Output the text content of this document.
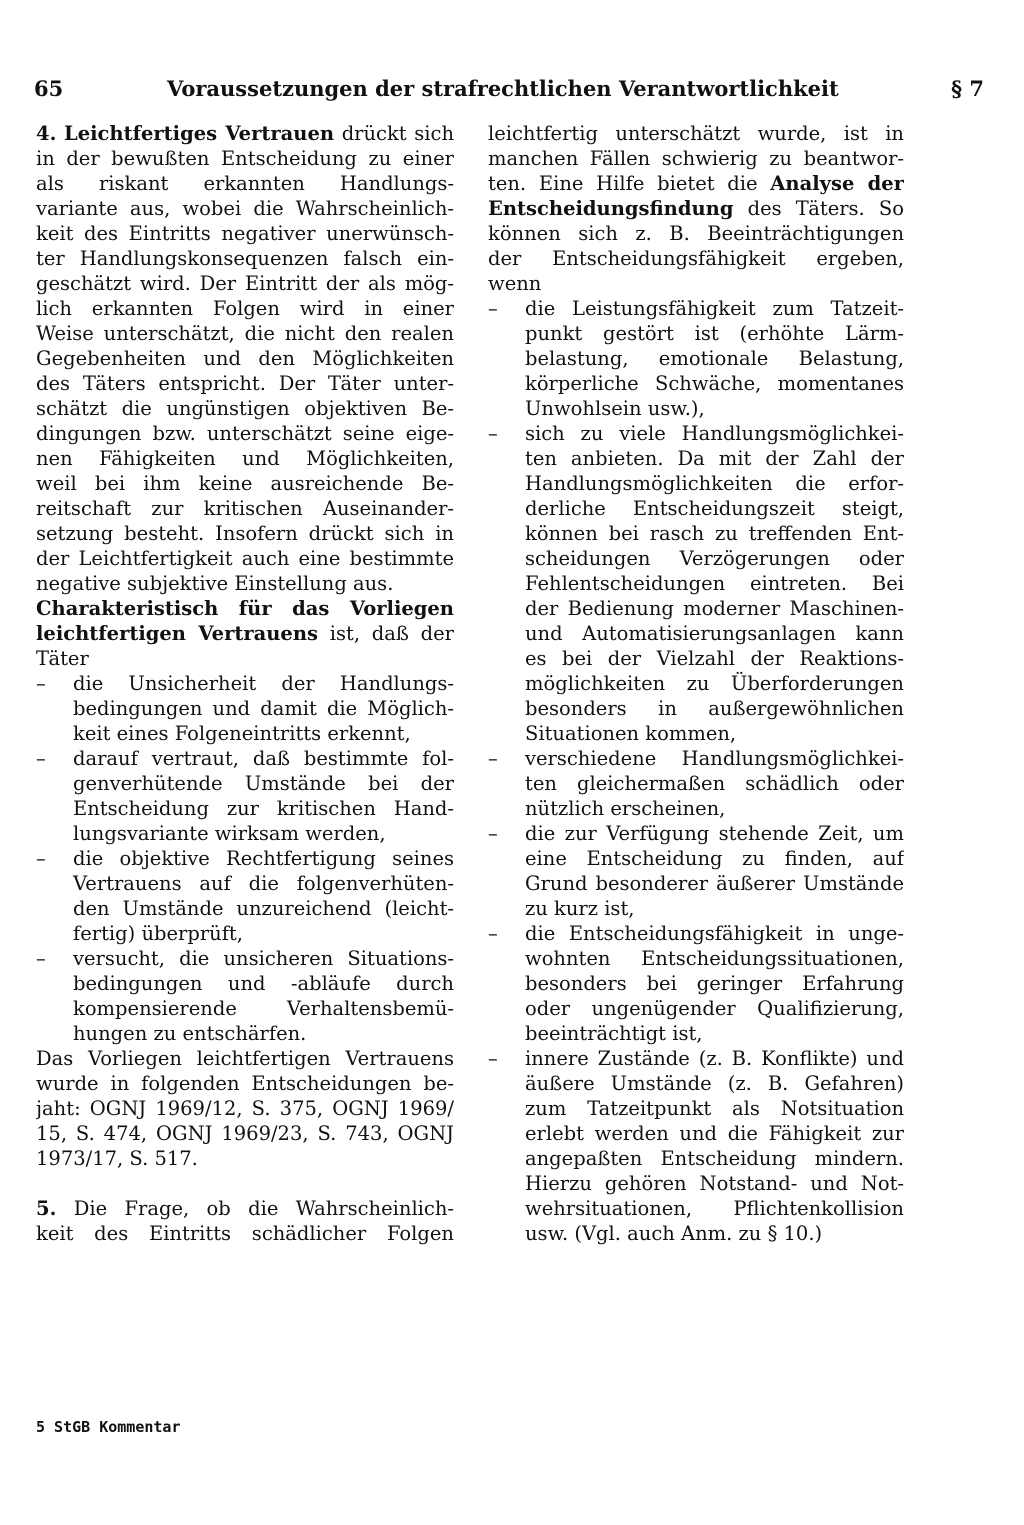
65	Voraussetzungen der strafrechtlichen Verantwortlichkeit	§ 7
4. Leichtfertiges Vertrauen drückt sich
in der bewußten Entscheidung zu einer
als riskant erkannten Handlungs-
variante aus, wobei die Wahrscheinlich-
keit des Eintritts negativer unerwünsch-
ter Handlungskonsequenzen falsch ein-
geschätzt wird. Der Eintritt der als mög-
lich erkannten Folgen wird in einer
Weise unterschätzt, die nicht den realen
Gegebenheiten und den Möglichkeiten
des Täters entspricht. Der Täter unter-
schätzt die ungünstigen objektiven Be-
dingungen bzw. unterschätzt seine eige-
nen Fähigkeiten und Möglichkeiten,
weil bei ihm keine ausreichende Be-
reitschaft zur kritischen Auseinander-
setzung besteht. Insofern drückt sich in
der Leichtfertigkeit auch eine bestimmte
negative subjektive Einstellung aus.
Charakteristisch für das Vorliegen
leichtfertigen Vertrauens ist, daß der
Täter
– die Unsicherheit der Handlungs-
bedingungen und damit die Möglich-
keit eines Folgeneintritts erkennt,
– darauf vertraut, daß bestimmte fol-
genverhütende Umstände bei der
Entscheidung zur kritischen Hand-
lungsvariante wirksam werden,
– die objektive Rechtfertigung seines
Vertrauens auf die folgenverhüten-
den Umstände unzureichend (leicht-
fertig) überprüft,
– versucht, die unsicheren Situations-
bedingungen und -abläufe durch
kompensierende Verhaltensbemü-
hungen zu entschärfen.
Das Vorliegen leichtfertigen Vertrauens
wurde in folgenden Entscheidungen be-
jaht: OGNJ 1969/12, S. 375, OGNJ 1969/
15, S. 474, OGNJ 1969/23, S. 743, OGNJ
1973/17, S. 517.
5. Die Frage, ob die Wahrscheinlich-
keit des Eintritts schädlicher Folgen
leichtfertig unterschätzt wurde, ist in
manchen Fällen schwierig zu beantwor-
ten. Eine Hilfe bietet die Analyse der
Entscheidungsfindung des Täters. So
können sich z. B. Beeinträchtigungen
der Entscheidungsfähigkeit ergeben,
wenn
– die Leistungsfähigkeit zum Tatzeit-
punkt gestört ist (erhöhte Lärm-
belastung, emotionale Belastung,
körperliche Schwäche, momentanes
Unwohlsein usw.),
– sich zu viele Handlungsmöglichkei-
ten anbieten. Da mit der Zahl der
Handlungsmöglichkeiten die erfor-
derliche Entscheidungszeit steigt,
können bei rasch zu treffenden Ent-
scheidungen Verzögerungen oder
Fehlentscheidungen eintreten. Bei
der Bedienung moderner Maschinen-
und Automatisierungsanlagen kann
es bei der Vielzahl der Reaktions-
möglichkeiten zu Überforderungen
besonders in außergewöhnlichen
Situationen kommen,
– verschiedene Handlungsmöglichkei-
ten gleichermaßen schädlich oder
nützlich erscheinen,
– die zur Verfügung stehende Zeit, um
eine Entscheidung zu finden, auf
Grund besonderer äußerer Umstände
zu kurz ist,
– die Entscheidungsfähigkeit in unge-
wohnten Entscheidungssituationen,
besonders bei geringer Erfahrung
oder ungenügender Qualifizierung,
beeinträchtigt ist,
– innere Zustände (z. B. Konflikte) und
äußere Umstände (z. B. Gefahren)
zum Tatzeitpunkt als Notsituation
erlebt werden und die Fähigkeit zur
angepaßten Entscheidung mindern.
Hierzu gehören Notstand- und Not-
wehrsituationen, Pflichtenkollision
usw. (Vgl. auch Anm. zu § 10.)
5 StGB Kommentar
